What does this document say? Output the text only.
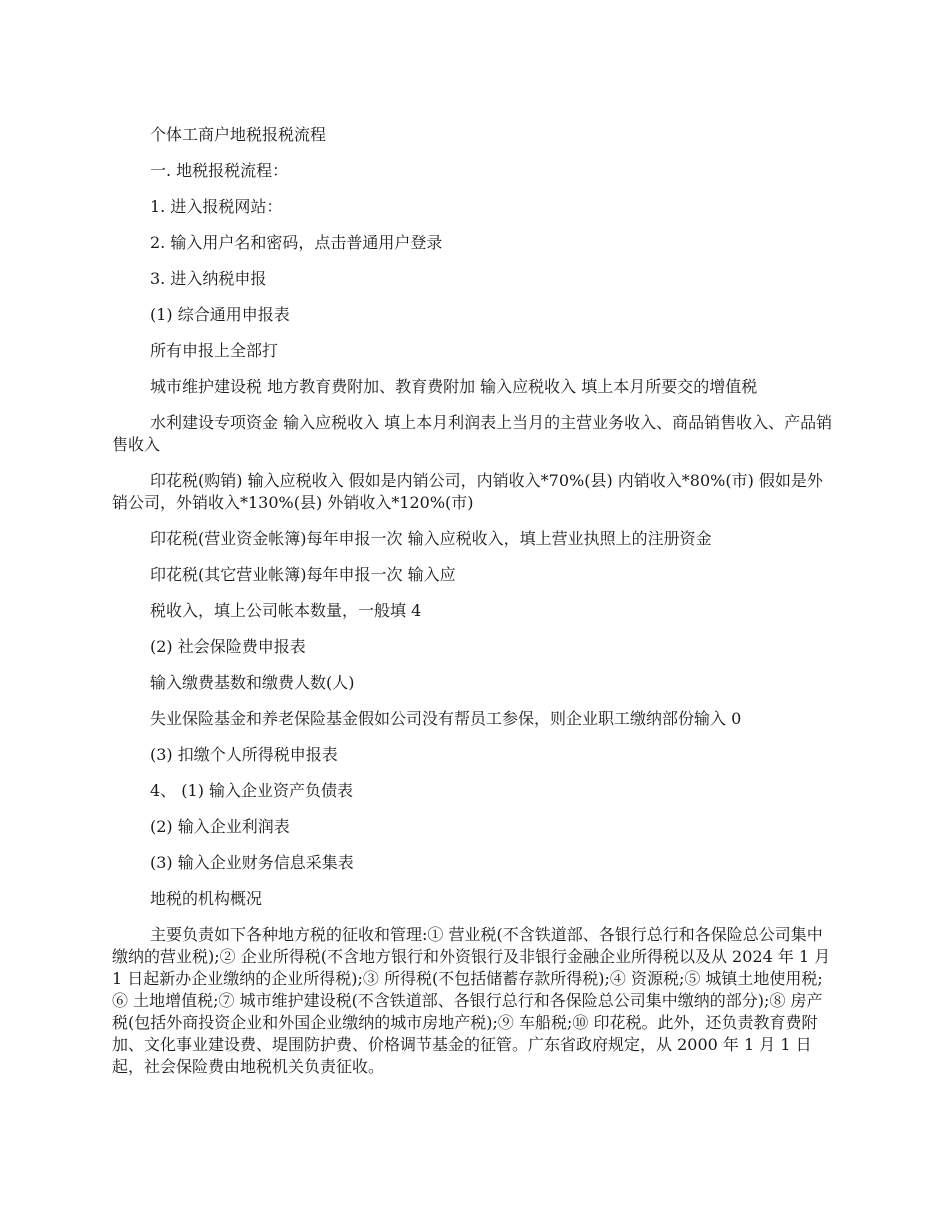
个体工商户地税报税流程

一. 地税报税流程：

1. 进入报税网站：

2. 输入用户名和密码，点击普通用户登录

3. 进入纳税申报

(1) 综合通用申报表

所有申报上全部打

城市维护建设税 地方教育费附加、教育费附加 输入应税收入 填上本月所要交的增值税

水利建设专项资金 输入应税收入 填上本月利润表上当月的主营业务收入、商品销售收入、产品销售收入

印花税(购销) 输入应税收入 假如是内销公司，内销收入*70%(县) 内销收入*80%(市) 假如是外销公司，外销收入*130%(县) 外销收入*120%(市)

印花税(营业资金帐簿)每年申报一次 输入应税收入，填上营业执照上的注册资金

印花税(其它营业帐簿)每年申报一次 输入应

税收入，填上公司帐本数量，一般填 4

(2) 社会保险费申报表

输入缴费基数和缴费人数(人)

失业保险基金和养老保险基金假如公司没有帮员工参保，则企业职工缴纳部份输入 0

(3) 扣缴个人所得税申报表

4、 (1) 输入企业资产负债表

(2) 输入企业利润表

(3) 输入企业财务信息采集表

地税的机构概况

主要负责如下各种地方税的征收和管理:① 营业税(不含铁道部、各银行总行和各保险总公司集中缴纳的营业税);② 企业所得税(不含地方银行和外资银行及非银行金融企业所得税以及从 2024 年 1 月 1 日起新办企业缴纳的企业所得税);③ 所得税(不包括储蓄存款所得税);④ 资源税;⑤ 城镇土地使用税;⑥ 土地增值税;⑦ 城市维护建设税(不含铁道部、各银行总行和各保险总公司集中缴纳的部分);⑧ 房产税(包括外商投资企业和外国企业缴纳的城市房地产税);⑨ 车船税;⑩ 印花税。此外，还负责教育费附加、文化事业建设费、堤围防护费、价格调节基金的征管。广东省政府规定，从 2000 年 1 月 1 日起，社会保险费由地税机关负责征收。
